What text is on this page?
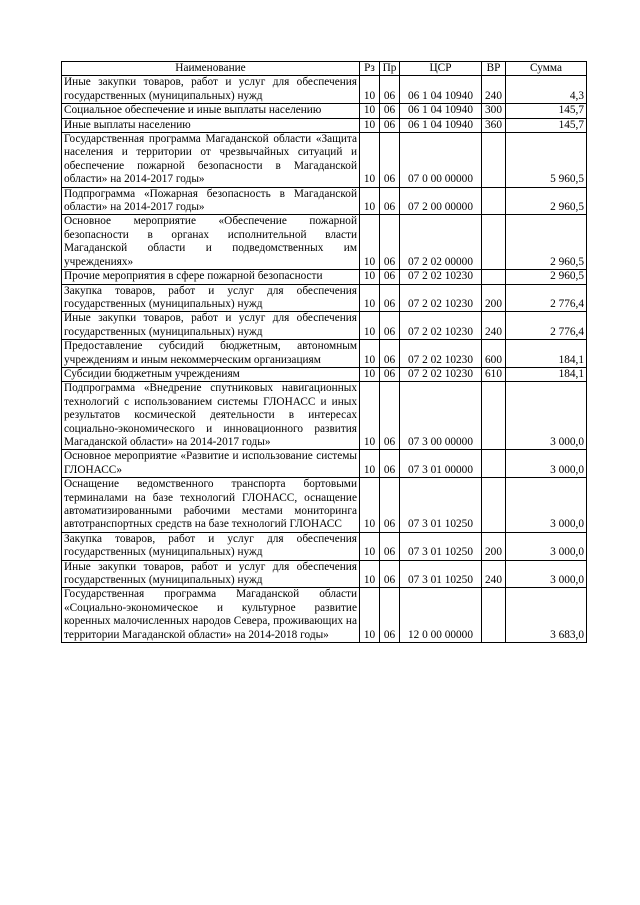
Наименование	Рз	Пр	ЦСР	ВР	Сумма
Иные закупки товаров, работ и услуг для обеспечения государственных (муниципальных) нужд	10	06	06 1 04 10940	240	4,3
Социальное обеспечение и иные выплаты населению	10	06	06 1 04 10940	300	145,7
Иные выплаты населению	10	06	06 1 04 10940	360	145,7
Государственная программа Магаданской области «Защита населения и территории от чрезвычайных ситуаций и обеспечение пожарной безопасности в Магаданской области» на 2014-2017 годы»	10	06	07 0 00 00000		5 960,5
Подпрограмма «Пожарная безопасность в Магаданской области» на 2014-2017 годы»	10	06	07 2 00 00000		2 960,5
Основное мероприятие «Обеспечение пожарной безопасности в органах исполнительной власти Магаданской области и подведомственных им учреждениях»	10	06	07 2 02 00000		2 960,5
Прочие мероприятия в сфере пожарной безопасности	10	06	07 2 02 10230		2 960,5
Закупка товаров, работ и услуг для обеспечения государственных (муниципальных) нужд	10	06	07 2 02 10230	200	2 776,4
Иные закупки товаров, работ и услуг для обеспечения государственных (муниципальных) нужд	10	06	07 2 02 10230	240	2 776,4
Предоставление субсидий бюджетным, автономным учреждениям и иным некоммерческим организациям	10	06	07 2 02 10230	600	184,1
Субсидии бюджетным учреждениям	10	06	07 2 02 10230	610	184,1
Подпрограмма «Внедрение спутниковых навигационных технологий с использованием системы ГЛОНАСС и иных результатов космической деятельности в интересах социально-экономического и инновационного развития Магаданской области» на 2014-2017 годы»	10	06	07 3 00 00000		3 000,0
Основное мероприятие «Развитие и использование системы ГЛОНАСС»	10	06	07 3 01 00000		3 000,0
Оснащение ведомственного транспорта бортовыми терминалами на базе технологий ГЛОНАСС, оснащение автоматизированными рабочими местами мониторинга автотранспортных средств на базе технологий ГЛОНАСС	10	06	07 3 01 10250		3 000,0
Закупка товаров, работ и услуг для обеспечения государственных (муниципальных) нужд	10	06	07 3 01 10250	200	3 000,0
Иные закупки товаров, работ и услуг для обеспечения государственных (муниципальных) нужд	10	06	07 3 01 10250	240	3 000,0
Государственная программа Магаданской области «Социально-экономическое и культурное развитие коренных малочисленных народов Севера, проживающих на территории Магаданской области» на 2014-2018 годы»	10	06	12 0 00 00000		3 683,0
